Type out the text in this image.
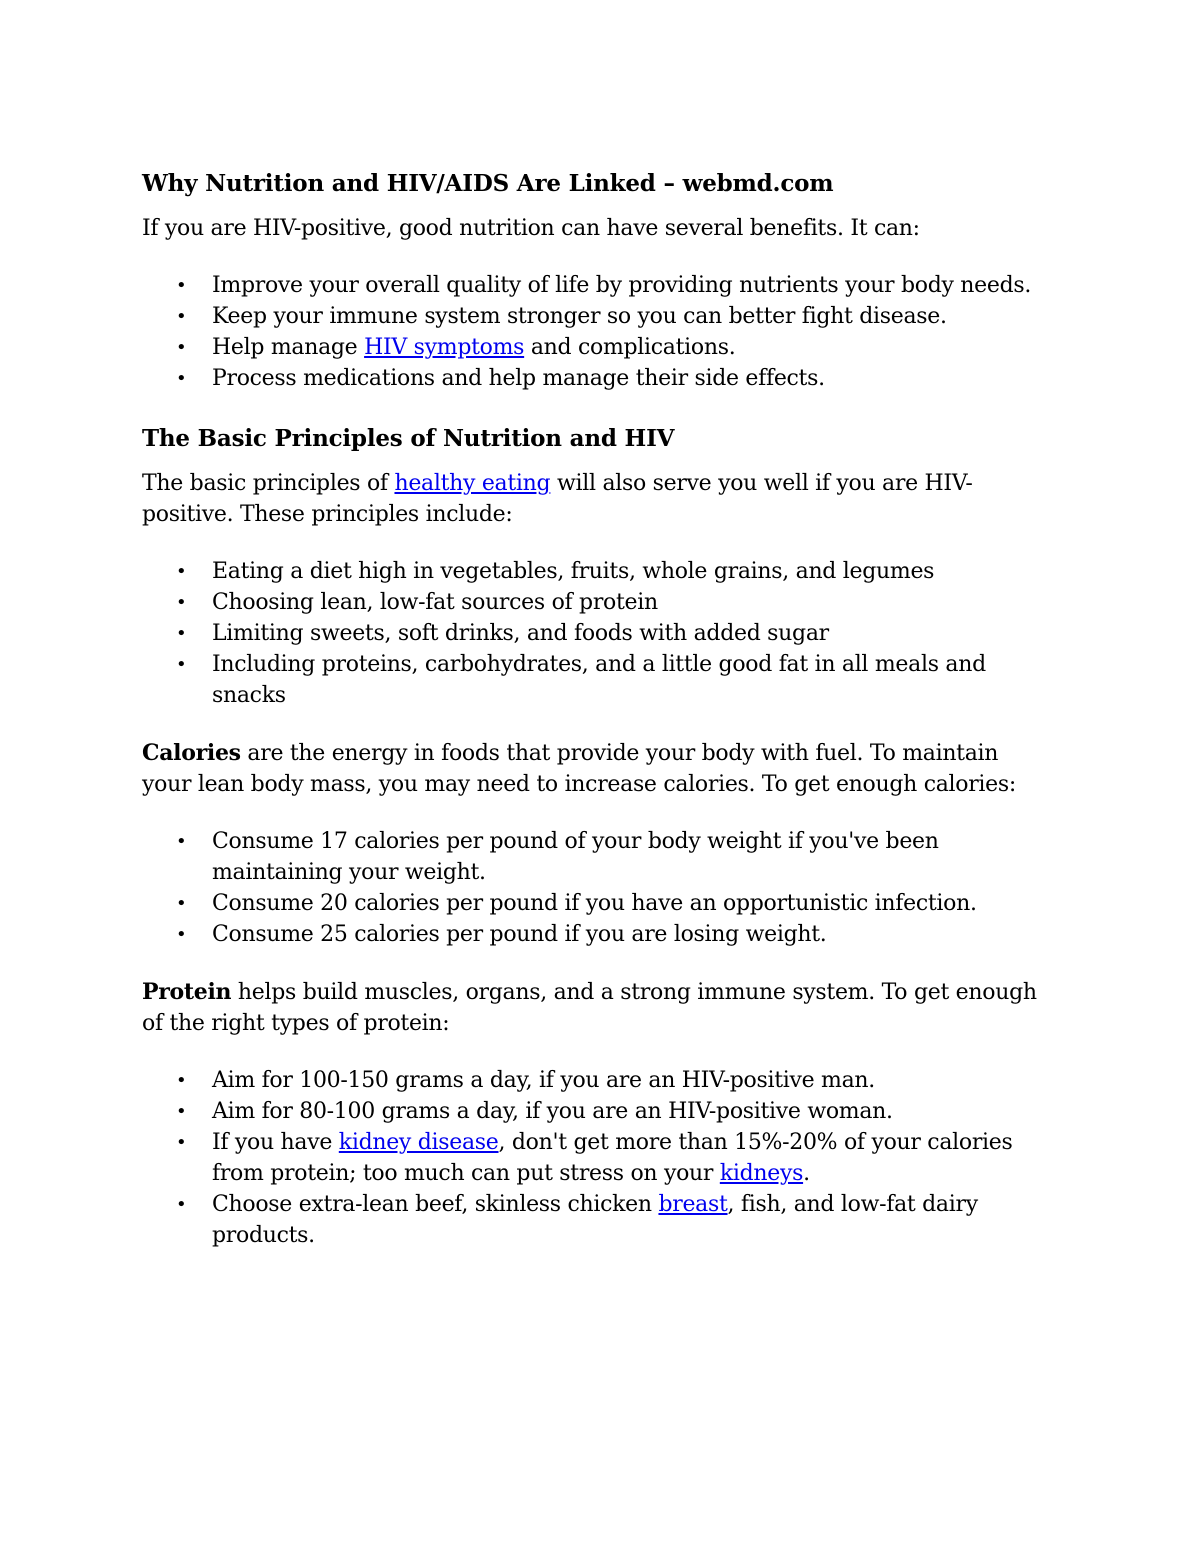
Why Nutrition and HIV/AIDS Are Linked – webmd.com

If you are HIV-positive, good nutrition can have several benefits. It can:

• Improve your overall quality of life by providing nutrients your body needs.
• Keep your immune system stronger so you can better fight disease.
• Help manage HIV symptoms and complications.
• Process medications and help manage their side effects.
The Basic Principles of Nutrition and HIV

The basic principles of healthy eating will also serve you well if you are HIV-positive. These principles include:

• Eating a diet high in vegetables, fruits, whole grains, and legumes
• Choosing lean, low-fat sources of protein
• Limiting sweets, soft drinks, and foods with added sugar
• Including proteins, carbohydrates, and a little good fat in all meals and snacks

Calories are the energy in foods that provide your body with fuel. To maintain your lean body mass, you may need to increase calories. To get enough calories:

• Consume 17 calories per pound of your body weight if you've been maintaining your weight.
• Consume 20 calories per pound if you have an opportunistic infection.
• Consume 25 calories per pound if you are losing weight.

Protein helps build muscles, organs, and a strong immune system. To get enough of the right types of protein:

• Aim for 100-150 grams a day, if you are an HIV-positive man.
• Aim for 80-100 grams a day, if you are an HIV-positive woman.
• If you have kidney disease, don't get more than 15%-20% of your calories from protein; too much can put stress on your kidneys.
• Choose extra-lean beef, skinless chicken breast, fish, and low-fat dairy products.
